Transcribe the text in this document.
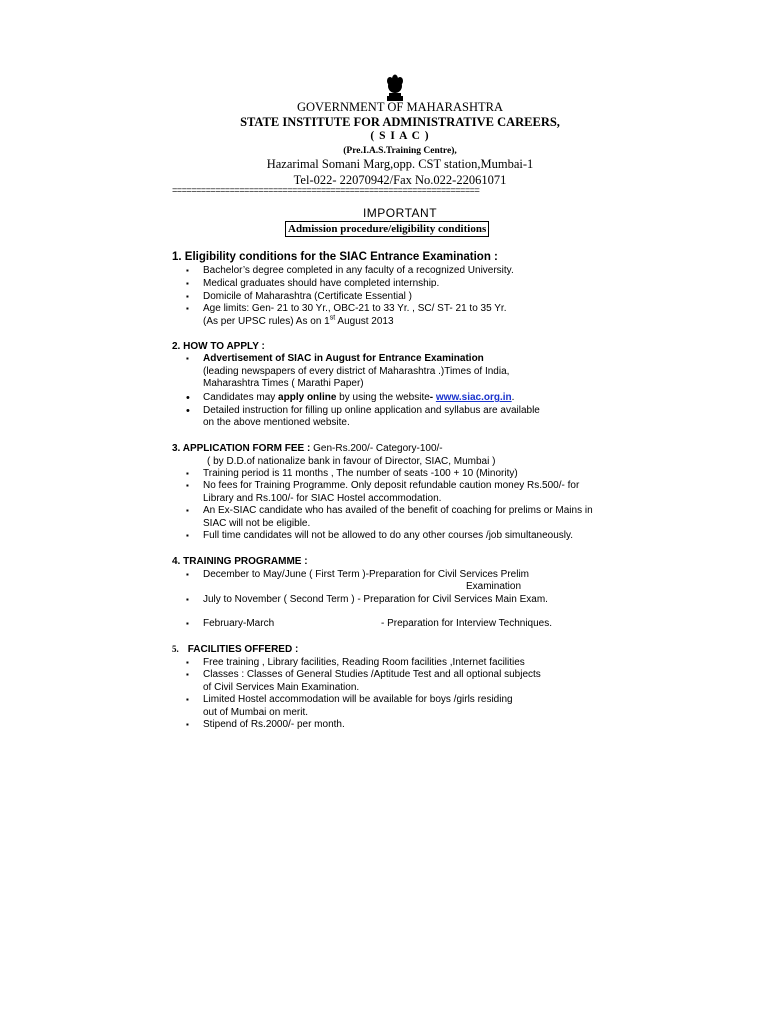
GOVERNMENT OF MAHARASHTRA
STATE INSTITUTE FOR ADMINISTRATIVE CAREERS,
( S I A C )
(Pre.I.A.S.Training Centre),
Hazarimal Somani Marg,opp. CST station,Mumbai-1
Tel-022- 22070942/Fax No.022-22061071
================================================================
IMPORTANT
Admission procedure/eligibility conditions
1. Eligibility conditions for the SIAC Entrance Examination :
▪ Bachelor’s degree completed in any faculty of a recognized University.
▪ Medical graduates should have completed internship.
▪ Domicile of Maharashtra (Certificate Essential )
▪ Age limits: Gen- 21 to 30 Yr., OBC-21 to 33 Yr. , SC/ ST- 21 to 35 Yr.
(As per UPSC rules) As on 1st August 2013
2. HOW TO APPLY :
▪ Advertisement of SIAC in August for Entrance Examination
(leading newspapers of every district of Maharashtra .)Times of India,
Maharashtra Times ( Marathi Paper)
• Candidates may apply online by using the website- www.siac.org.in.
• Detailed instruction for filling up online application and syllabus are available
on the above mentioned website.
3. APPLICATION FORM FEE : Gen-Rs.200/- Category-100/-
( by D.D.of nationalize bank in favour of Director, SIAC, Mumbai )
▪ Training period is 11 months , The number of seats -100 + 10 (Minority)
▪ No fees for Training Programme. Only deposit refundable caution money Rs.500/- for
Library and Rs.100/- for SIAC Hostel accommodation.
▪ An Ex-SIAC candidate who has availed of the benefit of coaching for prelims or Mains in
SIAC will not be eligible.
▪ Full time candidates will not be allowed to do any other courses /job simultaneously.
4. TRAINING PROGRAMME :
▪ December to May/June ( First Term )-Preparation for Civil Services Prelim
Examination
▪ July to November ( Second Term ) - Preparation for Civil Services Main Exam.
▪ February-March	- Preparation for Interview Techniques.
5. FACILITIES OFFERED :
▪ Free training , Library facilities, Reading Room facilities ,Internet facilities
▪ Classes : Classes of General Studies /Aptitude Test and all optional subjects
of Civil Services Main Examination.
▪ Limited Hostel accommodation will be available for boys /girls residing
out of Mumbai on merit.
▪ Stipend of Rs.2000/- per month.
